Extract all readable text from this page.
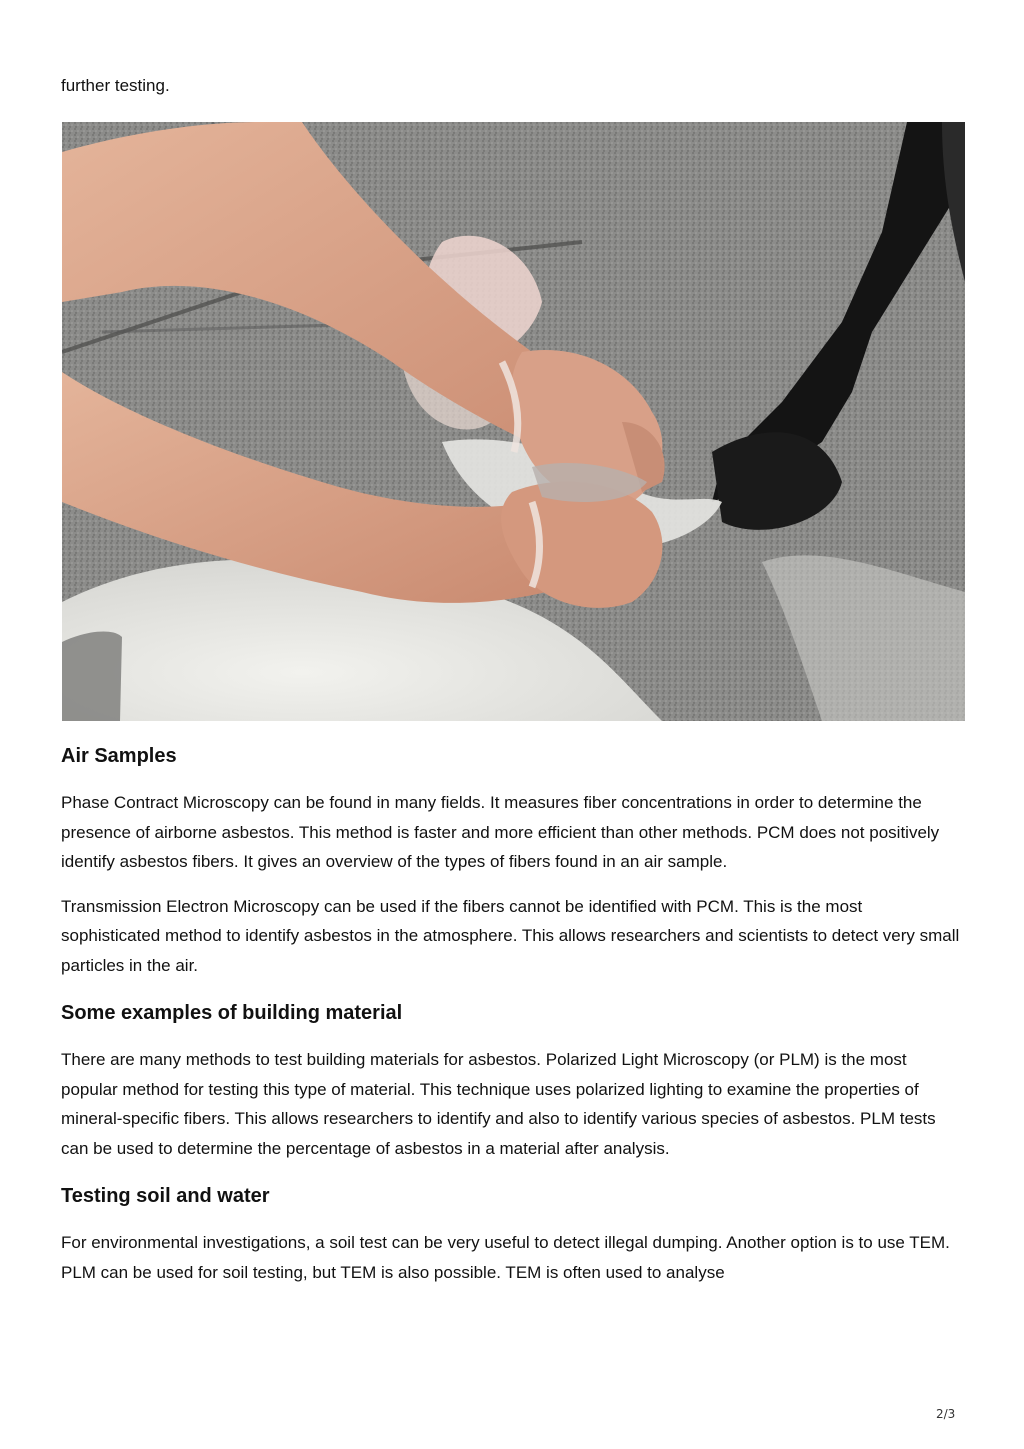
further testing.

Air Samples

Phase Contract Microscopy can be found in many fields. It measures fiber concentrations in order to determine the presence of airborne asbestos. This method is faster and more efficient than other methods. PCM does not positively identify asbestos fibers. It gives an overview of the types of fibers found in an air sample.

Transmission Electron Microscopy can be used if the fibers cannot be identified with PCM. This is the most sophisticated method to identify asbestos in the atmosphere. This allows researchers and scientists to detect very small particles in the air.

Some examples of building material

There are many methods to test building materials for asbestos. Polarized Light Microscopy (or PLM) is the most popular method for testing this type of material. This technique uses polarized lighting to examine the properties of mineral-specific fibers. This allows researchers to identify and also to identify various species of asbestos. PLM tests can be used to determine the percentage of asbestos in a material after analysis.

Testing soil and water

For environmental investigations, a soil test can be very useful to detect illegal dumping. Another option is to use TEM. PLM can be used for soil testing, but TEM is also possible. TEM is often used to analyse

2/3
